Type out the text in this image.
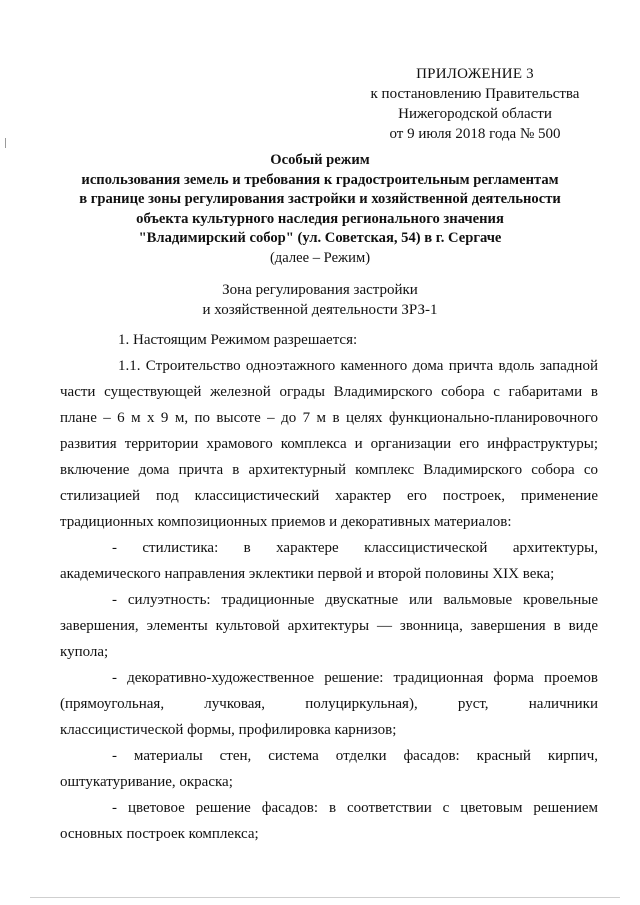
ПРИЛОЖЕНИЕ 3
к постановлению Правительства
Нижегородской области
от 9 июля 2018 года № 500
Особый режим
использования земель и требования к градостроительным регламентам
в границе зоны регулирования застройки и хозяйственной деятельности
объекта культурного наследия регионального значения
"Владимирский собор" (ул. Советская, 54) в г. Сергаче
(далее – Режим)
Зона регулирования застройки
и хозяйственной деятельности ЗРЗ-1
1. Настоящим Режимом разрешается:
1.1. Строительство одноэтажного каменного дома причта вдоль западной
части существующей железной ограды Владимирского собора с габаритами в
плане – 6 м х 9 м, по высоте – до 7 м в целях функционально-планировочного
развития территории храмового комплекса и организации его инфраструктуры;
включение дома причта в архитектурный комплекс Владимирского собора со
стилизацией под классицистический характер его построек, применение
традиционных композиционных приемов и декоративных материалов:
- стилистика: в характере классицистической архитектуры,
академического направления эклектики первой и второй половины XIX века;
- силуэтность: традиционные двускатные или вальмовые кровельные
завершения, элементы культовой архитектуры — звонница, завершения в виде
купола;
- декоративно-художественное решение: традиционная форма проемов
(прямоугольная, лучковая, полуциркульная), руст, наличники
классицистической формы, профилировка карнизов;
- материалы стен, система отделки фасадов: красный кирпич,
оштукатуривание, окраска;
- цветовое решение фасадов: в соответствии с цветовым решением
основных построек комплекса;
